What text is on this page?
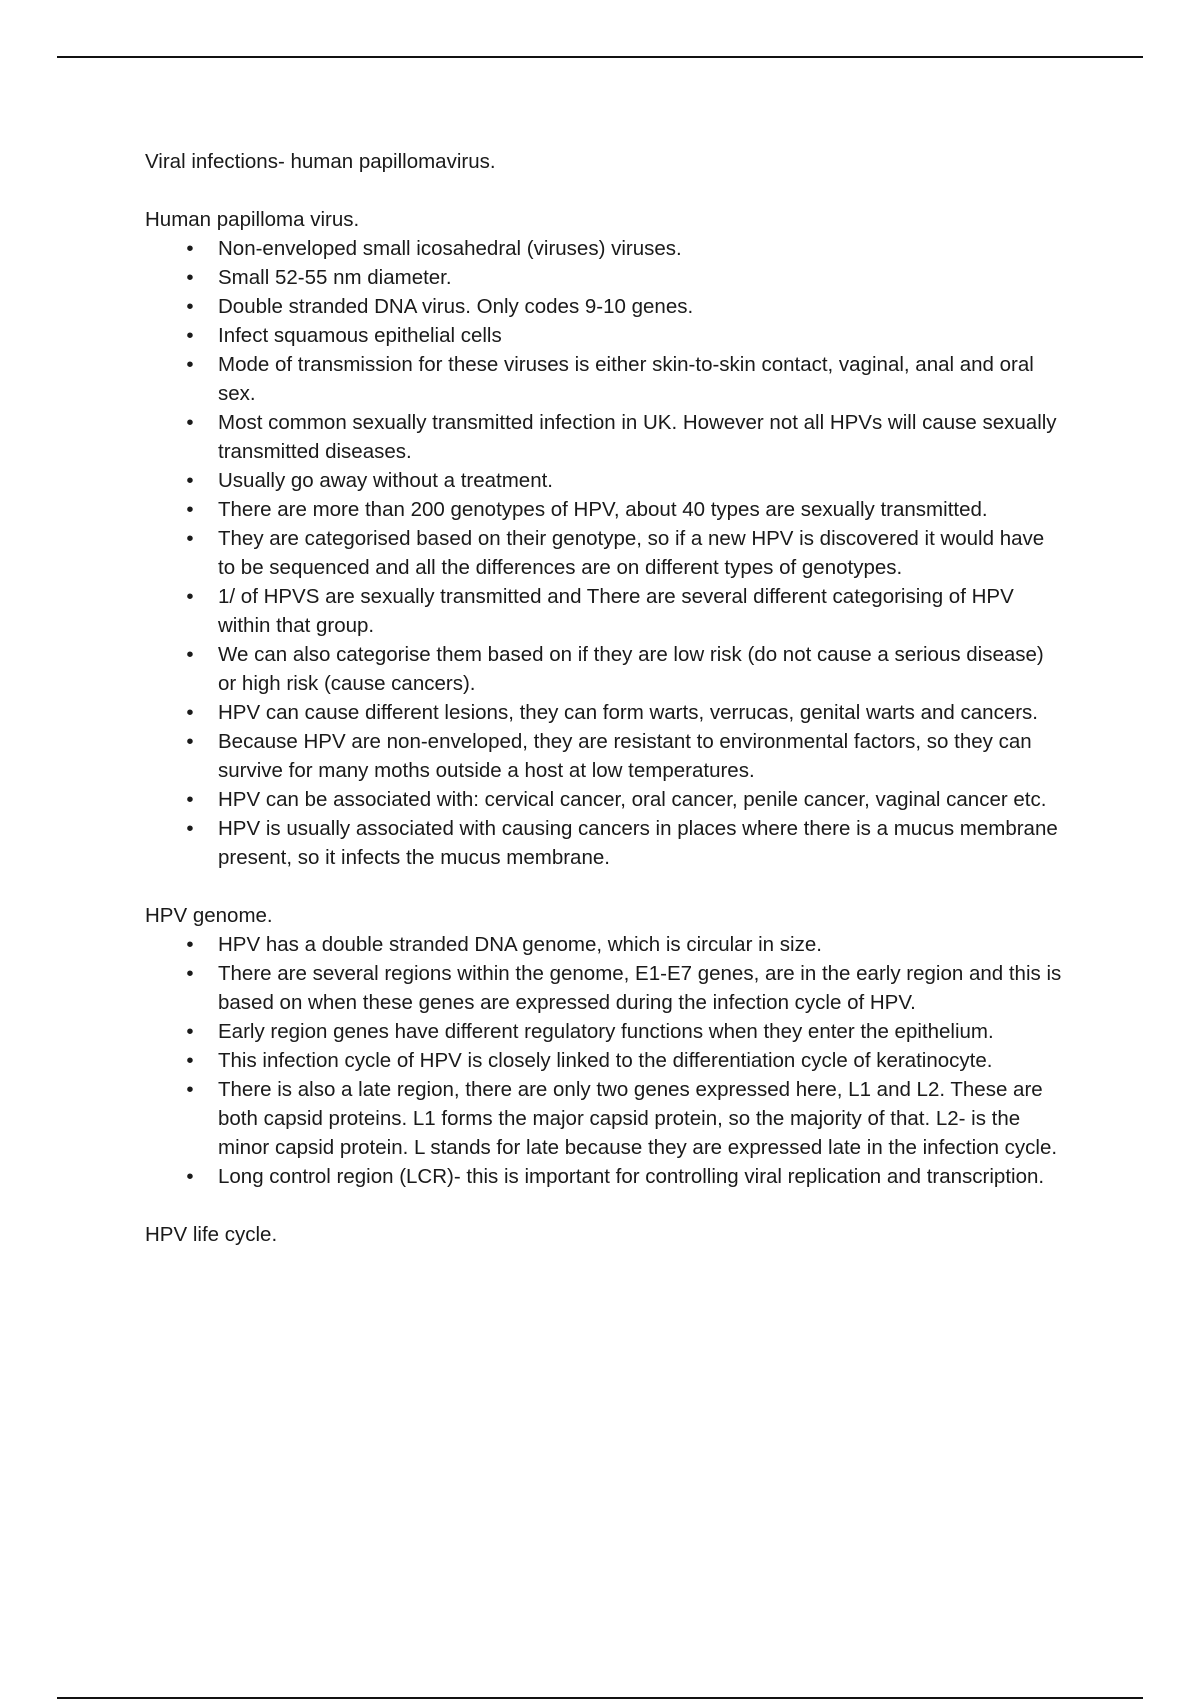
Viral infections- human papillomavirus.

Human papilloma virus.

• Non-enveloped small icosahedral (viruses) viruses.
• Small 52-55 nm diameter.
• Double stranded DNA virus. Only codes 9-10 genes.
• Infect squamous epithelial cells
• Mode of transmission for these viruses is either skin-to-skin contact, vaginal, anal and oral sex.
• Most common sexually transmitted infection in UK. However not all HPVs will cause sexually transmitted diseases.
• Usually go away without a treatment.
• There are more than 200 genotypes of HPV, about 40 types are sexually transmitted.
• They are categorised based on their genotype, so if a new HPV is discovered it would have to be sequenced and all the differences are on different types of genotypes.
• 1/ of HPVS are sexually transmitted and There are several different categorising of HPV within that group.
• We can also categorise them based on if they are low risk (do not cause a serious disease) or high risk (cause cancers).
• HPV can cause different lesions, they can form warts, verrucas, genital warts and cancers.
• Because HPV are non-enveloped, they are resistant to environmental factors, so they can survive for many moths outside a host at low temperatures.
• HPV can be associated with: cervical cancer, oral cancer, penile cancer, vaginal cancer etc.
• HPV is usually associated with causing cancers in places where there is a mucus membrane present, so it infects the mucus membrane.

HPV genome.

• HPV has a double stranded DNA genome, which is circular in size.
• There are several regions within the genome, E1-E7 genes, are in the early region and this is based on when these genes are expressed during the infection cycle of HPV.
• Early region genes have different regulatory functions when they enter the epithelium.
• This infection cycle of HPV is closely linked to the differentiation cycle of keratinocyte.
• There is also a late region, there are only two genes expressed here, L1 and L2. These are both capsid proteins. L1 forms the major capsid protein, so the majority of that. L2- is the minor capsid protein. L stands for late because they are expressed late in the infection cycle.
• Long control region (LCR)- this is important for controlling viral replication and transcription.

HPV life cycle.
